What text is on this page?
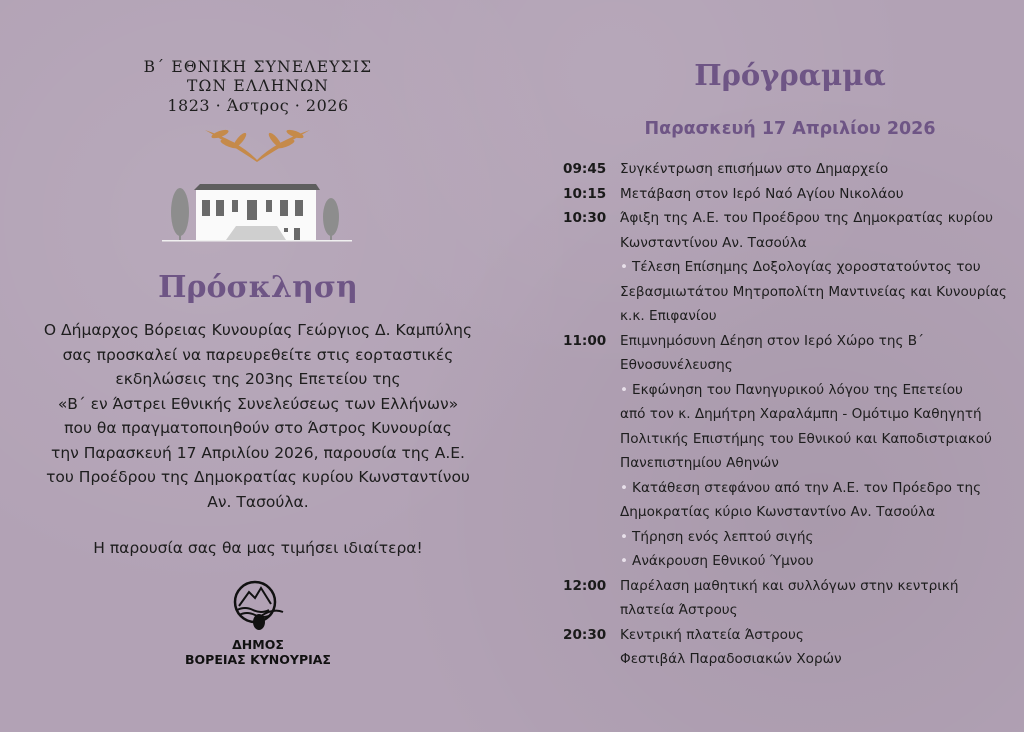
Β΄ ΕΘΝΙΚΗ ΣΥΝΕΛΕΥΣΙΣ
ΤΩΝ ΕΛΛΗΝΩΝ
1823 · Άστρος · 2026
Πρόσκληση
Ο Δήμαρχος Βόρειας Κυνουρίας Γεώργιος Δ. Καμπύλης
σας προσκαλεί να παρευρεθείτε στις εορταστικές
εκδηλώσεις της 203ης Επετείου της
«Β΄ εν Άστρει Εθνικής Συνελεύσεως των Ελλήνων»
που θα πραγματοποιηθούν στο Άστρος Κυνουρίας
την Παρασκευή 17 Απριλίου 2026, παρουσία της Α.Ε.
του Προέδρου της Δημοκρατίας κυρίου Κωνσταντίνου
Αν. Τασούλα.
Η παρουσία σας θα μας τιμήσει ιδιαίτερα!
ΔΗΜΟΣ
ΒΟΡΕΙΑΣ ΚΥΝΟΥΡΙΑΣ
Πρόγραμμα
Παρασκευή 17 Απριλίου 2026
09:45	Συγκέντρωση επισήμων στο Δημαρχείο
10:15	Μετάβαση στον Ιερό Ναό Αγίου Νικολάου
10:30	Άφιξη της Α.Ε. του Προέδρου της Δημοκρατίας κυρίου
Κωνσταντίνου Αν. Τασούλα
• Τέλεση Επίσημης Δοξολογίας χοροστατούντος του
Σεβασμιωτάτου Μητροπολίτη Μαντινείας και Κυνουρίας
κ.κ. Επιφανίου
11:00	Επιμνημόσυνη Δέηση στον Ιερό Χώρο της Β΄
Εθνοσυνέλευσης
• Εκφώνηση του Πανηγυρικού λόγου της Επετείου
από τον κ. Δημήτρη Χαραλάμπη - Ομότιμο Καθηγητή
Πολιτικής Επιστήμης του Εθνικού και Καποδιστριακού
Πανεπιστημίου Αθηνών
• Κατάθεση στεφάνου από την Α.Ε. τον Πρόεδρο της
Δημοκρατίας κύριο Κωνσταντίνο Αν. Τασούλα
• Τήρηση ενός λεπτού σιγής
• Ανάκρουση Εθνικού Ύμνου
12:00	Παρέλαση μαθητική και συλλόγων στην κεντρική
πλατεία Άστρους
20:30	Κεντρική πλατεία Άστρους
Φεστιβάλ Παραδοσιακών Χορών
